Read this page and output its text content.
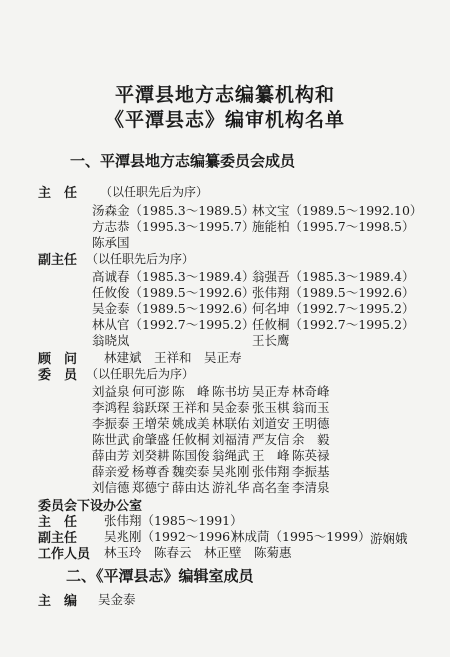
平潭县地方志编纂机构和
《平潭县志》编审机构名单
一、平潭县地方志编纂委员会成员
主　任 （以任职先后为序）
汤森金（1985.3～1989.5）
林文宝（1989.5～1992.10）
方志恭（1995.3～1995.7）
施能柏（1995.7～1998.5）
陈承国
副主任 （以任职先后为序）
高诚春（1985.3～1989.4）
翁强吾（1985.3～1989.4）
任攸俊（1989.5～1992.6）
张伟翔（1989.5～1992.6）
吴金泰（1989.5～1992.6）
何名坤（1992.7～1995.2）
林从官（1992.7～1995.2）
任攸桐（1992.7～1995.2）
翁晓岚	王长鹰
顾　问 林建斌　王祥和　吴正寿
委　员 （以任职先后为序）
刘益泉 何可澎 陈　峰 陈书坊 吴正寿 林奇峰
李鸿程 翁跃琛 王祥和 吴金泰 张玉棋 翁而玉
李振泰 王增荣 姚成美 林联佑 刘道安 王明德
陈世武 俞肇盛 任攸桐 刘福清 严友信 余　毅
薛由芳 刘癸耕 陈国俊 翁绳武 王　峰 陈英禄
薛亲爱 杨尊香 魏奕泰 吴兆刚 张伟翔 李振基
刘信德 郑德宁 薛由达 游礼华 高名奎 李清泉
委员会下设办公室
主　任 张伟翔（1985～1991）
副主任 吴兆刚（1992～1996）
林成茼（1995～1999） 游娴娥
工作人员 林玉玲　陈春云　林正壁　陈菊惠
二、《平潭县志》编辑室成员
主　编 吴金泰
